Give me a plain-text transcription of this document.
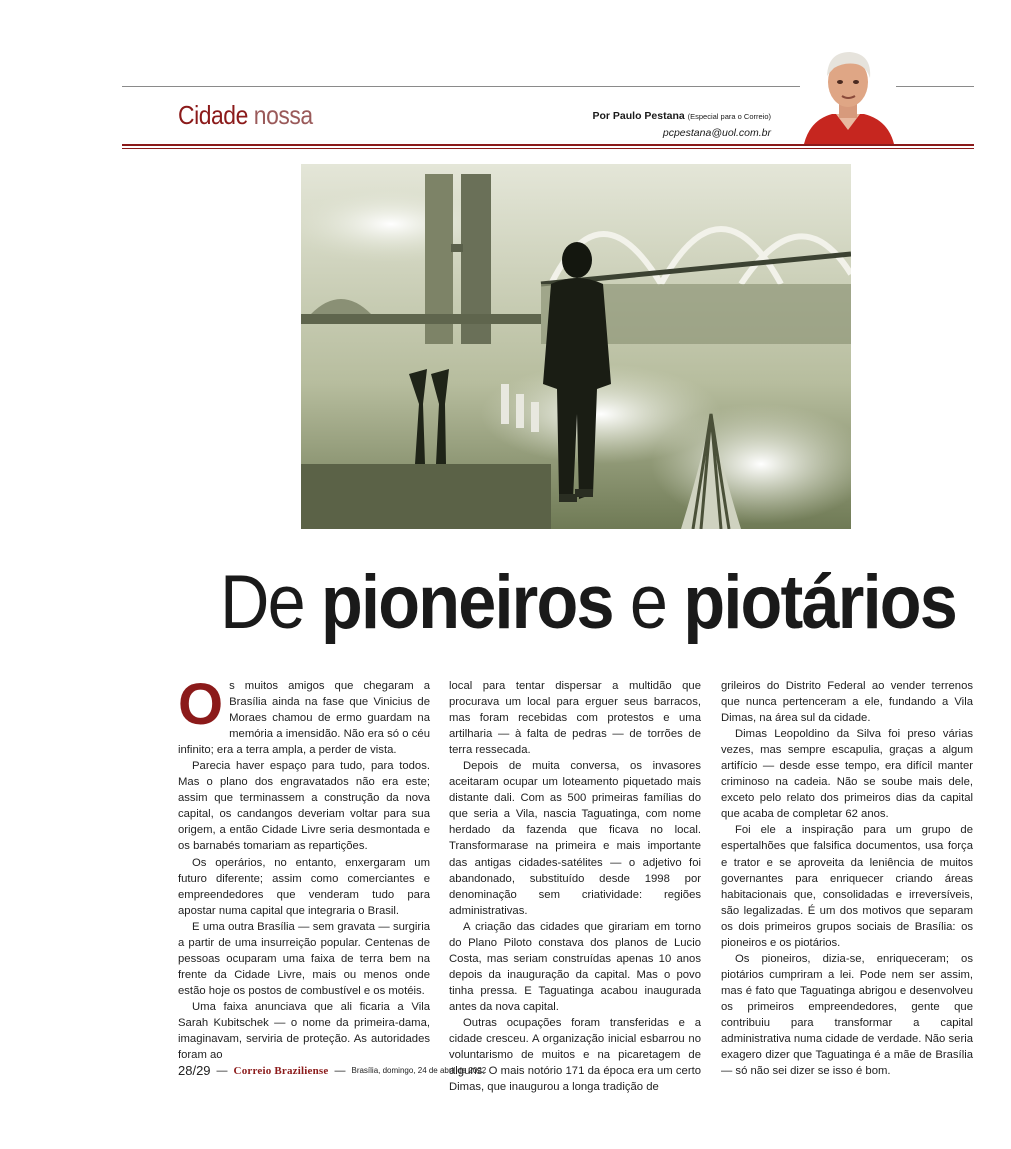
Cidade nossa	Por Paulo Pestana (Especial para o Correio)
pcpestana@uol.com.br
De pioneiros e piotários

Os muitos amigos que chegaram a Brasília ainda na fase que Vinicius de Moraes chamou de ermo guardam na memória a imensidão. Não era só o céu infinito; era a terra ampla, a perder de vista.

Parecia haver espaço para tudo, para todos. Mas o plano dos engravatados não era este; assim que terminassem a construção da nova capital, os candangos deveriam voltar para sua origem, a então Cidade Livre seria desmontada e os barnabés tomariam as repartições.

Os operários, no entanto, enxergaram um futuro diferente; assim como comerciantes e empreendedores que venderam tudo para apostar numa capital que integraria o Brasil.

E uma outra Brasília — sem gravata — surgiria a partir de uma insurreição popular. Centenas de pessoas ocuparam uma faixa de terra bem na frente da Cidade Livre, mais ou menos onde estão hoje os postos de combustível e os motéis.

Uma faixa anunciava que ali ficaria a Vila Sarah Kubitschek — o nome da primeira-dama, imaginavam, serviria de proteção. As autoridades foram ao

local para tentar dispersar a multidão que procurava um local para erguer seus barracos, mas foram recebidas com protestos e uma artilharia — à falta de pedras — de torrões de terra ressecada.

Depois de muita conversa, os invasores aceitaram ocupar um loteamento piquetado mais distante dali. Com as 500 primeiras famílias do que seria a Vila, nascia Taguatinga, com nome herdado da fazenda que ficava no local. Transformarase na primeira e mais importante das antigas cidades-satélites — o adjetivo foi abandonado, substituído desde 1998 por denominação sem criatividade: regiões administrativas.

A criação das cidades que girariam em torno do Plano Piloto constava dos planos de Lucio Costa, mas seriam construídas apenas 10 anos depois da inauguração da capital. Mas o povo tinha pressa. E Taguatinga acabou inaugurada antes da nova capital.

Outras ocupações foram transferidas e a cidade cresceu. A organização inicial esbarrou no voluntarismo de muitos e na picaretagem de alguns. O mais notório 171 da época era um certo Dimas, que inaugurou a longa tradição de

grileiros do Distrito Federal ao vender terrenos que nunca pertenceram a ele, fundando a Vila Dimas, na área sul da cidade.

Dimas Leopoldino da Silva foi preso várias vezes, mas sempre escapulia, graças a algum artifício — desde esse tempo, era difícil manter criminoso na cadeia. Não se soube mais dele, exceto pelo relato dos primeiros dias da capital que acaba de completar 62 anos.

Foi ele a inspiração para um grupo de espertalhões que falsifica documentos, usa força e trator e se aproveita da leniência de muitos governantes para enriquecer criando áreas habitacionais que, consolidadas e irreversíveis, são legalizadas. É um dos motivos que separam os dois primeiros grupos sociais de Brasília: os pioneiros e os piotários.

Os pioneiros, dizia-se, enriqueceram; os piotários cumpriram a lei. Pode nem ser assim, mas é fato que Taguatinga abrigou e desenvolveu os primeiros empreendedores, gente que contribuiu para transformar a capital administrativa numa cidade de verdade. Não seria exagero dizer que Taguatinga é a mãe de Brasília — só não sei dizer se isso é bom.

28/29 — Correio Braziliense — Brasília, domingo, 24 de abril de 2022
